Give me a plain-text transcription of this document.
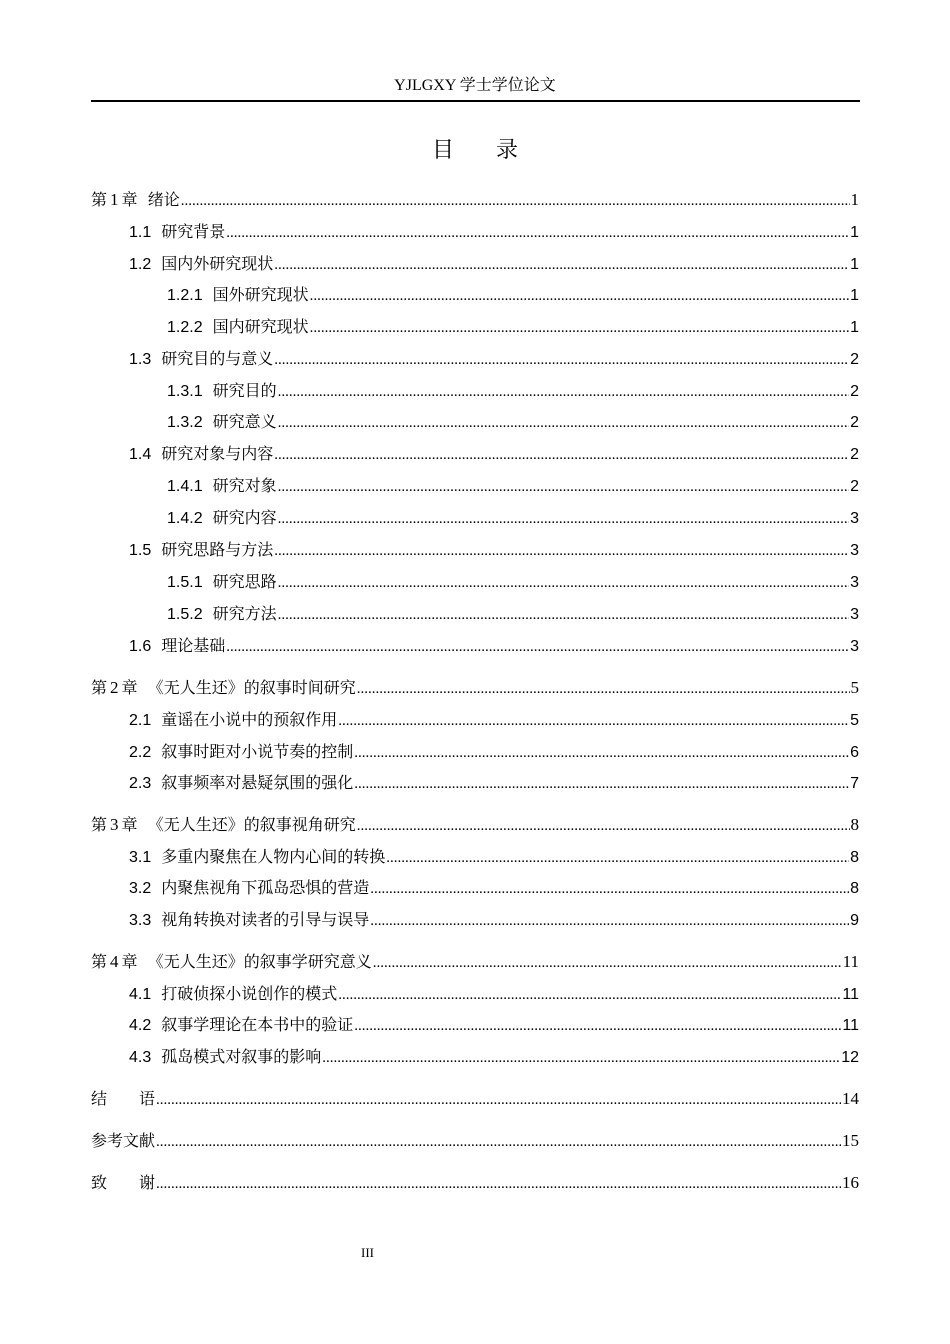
YJLGXY 学士学位论文
目 录
第 1 章  绪论 .....	1
1.1 研究背景 .....	1
1.2 国内外研究现状 .....	1
1.2.1 国外研究现状 .....	1
1.2.2 国内研究现状 .....	1
1.3 研究目的与意义 .....	2
1.3.1 研究目的 .....	2
1.3.2 研究意义 .....	2
1.4 研究对象与内容 .....	2
1.4.1 研究对象 .....	2
1.4.2 研究内容 .....	3
1.5 研究思路与方法 .....	3
1.5.1 研究思路 .....	3
1.5.2 研究方法 .....	3
1.6 理论基础 .....	3
第 2 章  《无人生还》的叙事时间研究 .....	5
2.1 童谣在小说中的预叙作用 .....	5
2.2 叙事时距对小说节奏的控制 .....	6
2.3 叙事频率对悬疑氛围的强化 .....	7
第 3 章  《无人生还》的叙事视角研究 .....	8
3.1 多重内聚焦在人物内心间的转换 .....	8
3.2 内聚焦视角下孤岛恐惧的营造 .....	8
3.3 视角转换对读者的引导与误导 .....	9
第 4 章  《无人生还》的叙事学研究意义 .....	11
4.1 打破侦探小说创作的模式 .....	11
4.2 叙事学理论在本书中的验证 .....	11
4.3 孤岛模式对叙事的影响 .....	12
结　　语 .....	14
参考文献 .....	15
致　　谢 .....	16
III
